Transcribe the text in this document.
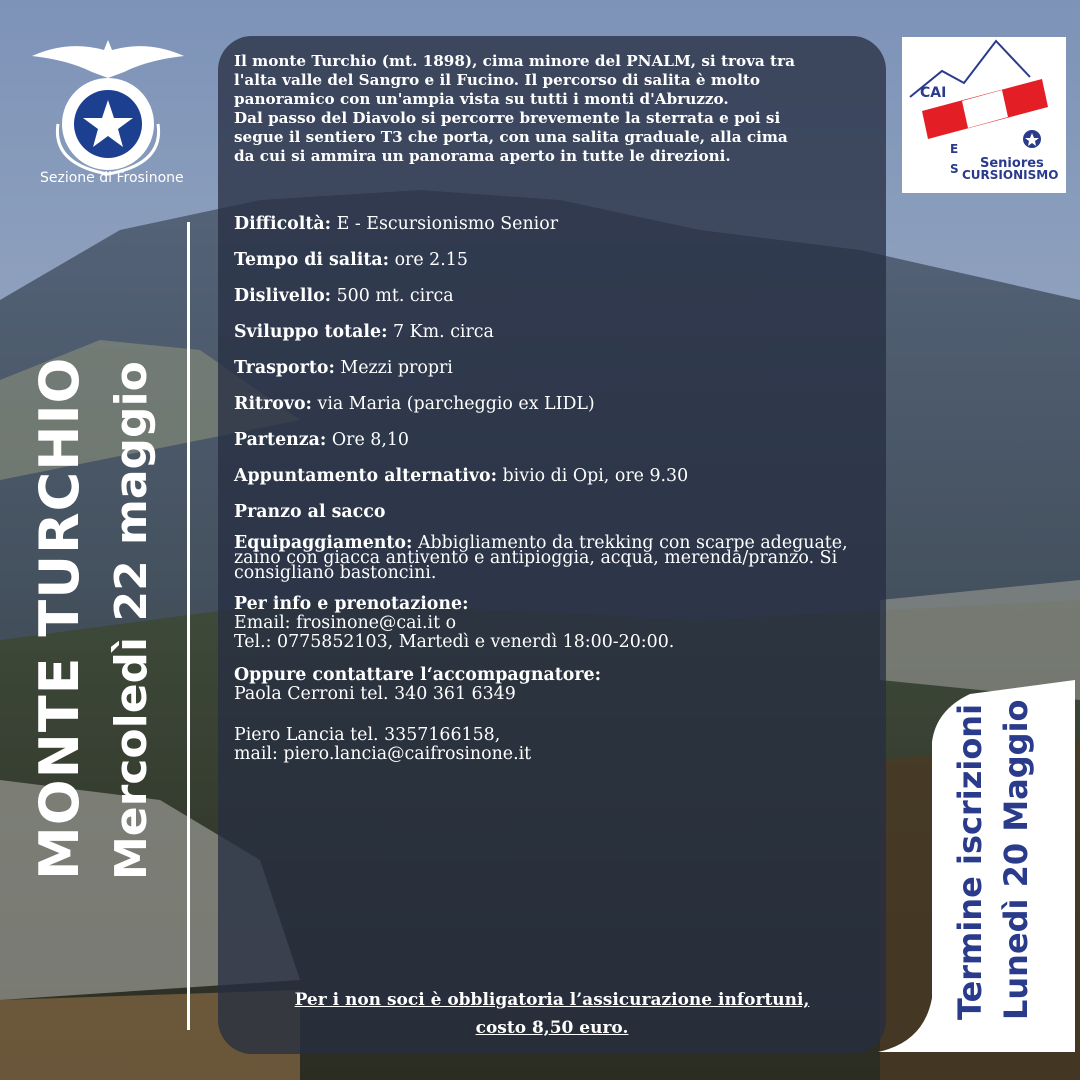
Sezione di Frosinone
MONTE TURCHIO Mercoledì 22 maggio
Il monte Turchio (mt. 1898), cima minore del PNALM, si trova tra
l'alta valle del Sangro e il Fucino. Il percorso di salita è molto
panoramico con un'ampia vista su tutti i monti d'Abruzzo.
Dal passo del Diavolo si percorre brevemente la sterrata e poi si
segue il sentiero T3 che porta, con una salita graduale, alla cima
da cui si ammira un panorama aperto in tutte le direzioni.
Difficoltà: E - Escursionismo Senior
Tempo di salita: ore 2.15
Dislivello: 500 mt. circa
Sviluppo totale: 7 Km. circa
Trasporto: Mezzi propri
Ritrovo: via Maria (parcheggio ex LIDL)
Partenza: Ore 8,10
Appuntamento alternativo: bivio di Opi, ore 9.30
Pranzo al sacco
Equipaggiamento: Abbigliamento da trekking con scarpe adeguate,
zaino con giacca antivento e antipioggia, acqua, merenda/pranzo. Si
consigliano bastoncini.
Per info e prenotazione:
Email: frosinone@cai.it o
Tel.: 0775852103, Martedì e venerdì 18:00-20:00.
Oppure contattare l‘accompagnatore:
Paola Cerroni tel. 340 361 6349
Piero Lancia tel. 3357166158,
mail: piero.lancia@caifrosinone.it
Per i non soci è obbligatoria l’assicurazione infortuni,
costo 8,50 euro.
CAI
E
S Seniores
CURSIONISMO
Termine iscrizioni Lunedì 20 Maggio
